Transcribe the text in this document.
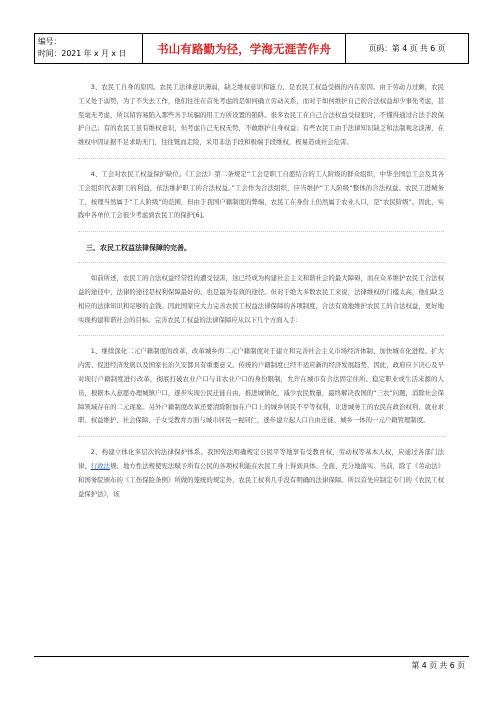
编号：
时间：2021 年 x 月 x 日	书山有路勤为径，学海无涯苦作舟	页码：第 4 页 共 6 页

3、农民工自身的原因。农民工法律意识薄弱，缺乏维权意识和能力，是农民工权益受损的内在原因。由于劳动力过剩，农民工又处于弱势，为了不失去工作，他们往往在首先考虑的是如何确立劳动关系，而对于如何维护自己的合法权益却少事先考虑，甚至毫无考虑，所以留容易陷入那些善于坑骗的用工方所设置的陷阱。很多农民工在自己合法权益受侵犯时，不懂得通过合法手段保护自己；有的农民工虽有维权意识，但考虑自己无权无势，不敢维护自身权益；有些农民工由于法律知识缺乏和法制观念淡薄，在维权中因证据不足求助无门，往往铤而走险，采用非法手段和极端手段维权，极易造成社会危害。

4、工会对农民工权益保护缺位。《工会法》第二条规定“工会是职工自愿结合的工人阶级的群众组织，中华全国总工会及其各工会组织代表职工的利益，依法维护职工的合法权益。”工会作为合法组织，应当维护“工人阶级”整体的合法权益。农民工进城务工，按理当然属于“工人阶级”的范围，但由于我国户籍制度的弊端，农民工在身份上仍然属于农业人口，是“农民阶级”。因此，实践中各单位工会很少考虑到农民工的保护[6]。

三、农民工权益法律保障的完善。

如前所述，农民工的合法权益经常性的遭受侵害，这已经成为构建社会主义和谐社会的最大障碍，而在众多维护农民工合法权益的途径中，法律的途径是权利保障最好的、也是最为有效的途径。但对于绝大多数农民工来说，法律维权的门槛太高，他们缺乏相应的法律知识和足够的金钱。因此国家应大力完善农民工权益法律保障的各项制度，合法有效地维护农民工的合法权益，更好地实现构建和谐社会的目标。完善农民工权益的法律保障应从以下几个方面入手：

1、继续深化二元户籍制度的改革，改革城乡的二元户籍制度对于建立和完善社会主义市场经济体制、加快城市化进程、扩大内需、促进经济发展以及国家长治久安都具有重要意义。传统的户籍制度已经不适应新的经济发展趋势，因此，政府应下决心及早对现行户籍制度进行改革，彻底打破农业户口与非农业户口的身份限制，允许在城市有合法固定住所、稳定职业或生活来源的人员，根据本人意愿办理城镇户口，逐步实现公民迁徙自由，推进城镇化，减少农民数量，最终解决我国的“三农”问题，消除社会保障领域存在的二元现象。另外户籍制度改革还要清除附加在户口上的城乡居民不平等权利，让进城务工的农民在政治权利、就业求职、权益维护、社会保障、子女受教育方面与城市居民一视同仁，逐步建立起人口自由迁徙、城乡一体的一元户籍管理制度。

2、构建立体化多层次的法律保护体系。我国宪法明确规定公民平等地享有受教育权，劳动权等基本人权，应通过各部门法律、行政法规、地方性法规使宪法赋予所有公民的各项权利能在农民工身上得到具体、全面、充分地落实。当前，除了《劳动法》和国务院颁布的《工伤保险条例》所做的笼统的规定外，农民工权利几乎没有明确的法律保障。所以首先应制定专门的《农民工权益保护法》，该

第 4 页 共 6 页
